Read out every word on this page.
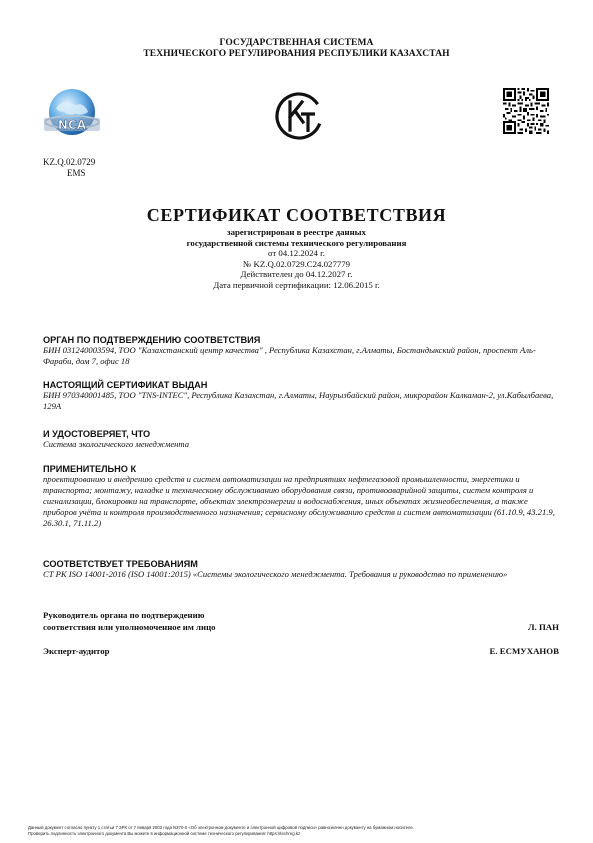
ГОСУДАРСТВЕННАЯ СИСТЕМА
ТЕХНИЧЕСКОГО РЕГУЛИРОВАНИЯ РЕСПУБЛИКИ КАЗАХСТАН
NCA
KZ.Q.02.0729
EMS
СЕРТИФИКАТ СООТВЕТСТВИЯ
зарегистрирован в реестре данных
государственной системы технического регулирования
от 04.12.2024 г.
№ KZ.Q.02.0729.С24.027779
Действителен до 04.12.2027 г.
Дата первичной сертификации: 12.06.2015 г.
ОРГАН ПО ПОДТВЕРЖДЕНИЮ СООТВЕТСТВИЯ
БИН 031240003594, ТОО "Казахстанский центр качества" , Республика Казахстан, г.Алматы, Бостандыкский район, проспект Аль-Фараби, дом 7, офис 18
НАСТОЯЩИЙ СЕРТИФИКАТ ВЫДАН
БИН 970340001485, ТОО "TNS-INTEC", Республика Казахстан, г.Алматы, Наурызбайский район, микрорайон Калкаман-2, ул.Кабылбаева, 129А
И УДОСТОВЕРЯЕТ, ЧТО
Система экологического менеджмента
ПРИМЕНИТЕЛЬНО К
проектированию и внедрению средств и систем автоматизации на предприятиях нефтегазовой промышленности, энергетики и транспорта; монтажу, наладке и техническому обслуживанию оборудования связи, противоаварийной защиты, систем контроля и сигнализации, блокировки на транспорте, объектах электроэнергии и водоснабжения, иных объектах жизнеобеспечения, а также приборов учёта и контроля производственного назначения; сервисному обслуживанию средств и систем автоматизации (61.10.9, 43.21.9, 26.30.1, 71.11.2)
СООТВЕТСТВУЕТ ТРЕБОВАНИЯМ
СТ РК ISO 14001-2016 (ISO 14001:2015) «Системы экологического менеджмента. Требования и руководство по применению»
Руководитель органа по подтверждению
соответствия или уполномоченное им лицо	Л. ПАН
Эксперт-аудитор	Е. ЕСМУХАНОВ
Данный документ согласно пункту 1 статьи 7 ЗРК от 7 января 2003 года N370-II «Об электронном документе и электронной цифровой подписи» равнозначен документу на бумажном носителе.
Проверить подлинность электронного документа Вы можете в информационной системе технического регулирования: https://techreg.kz
